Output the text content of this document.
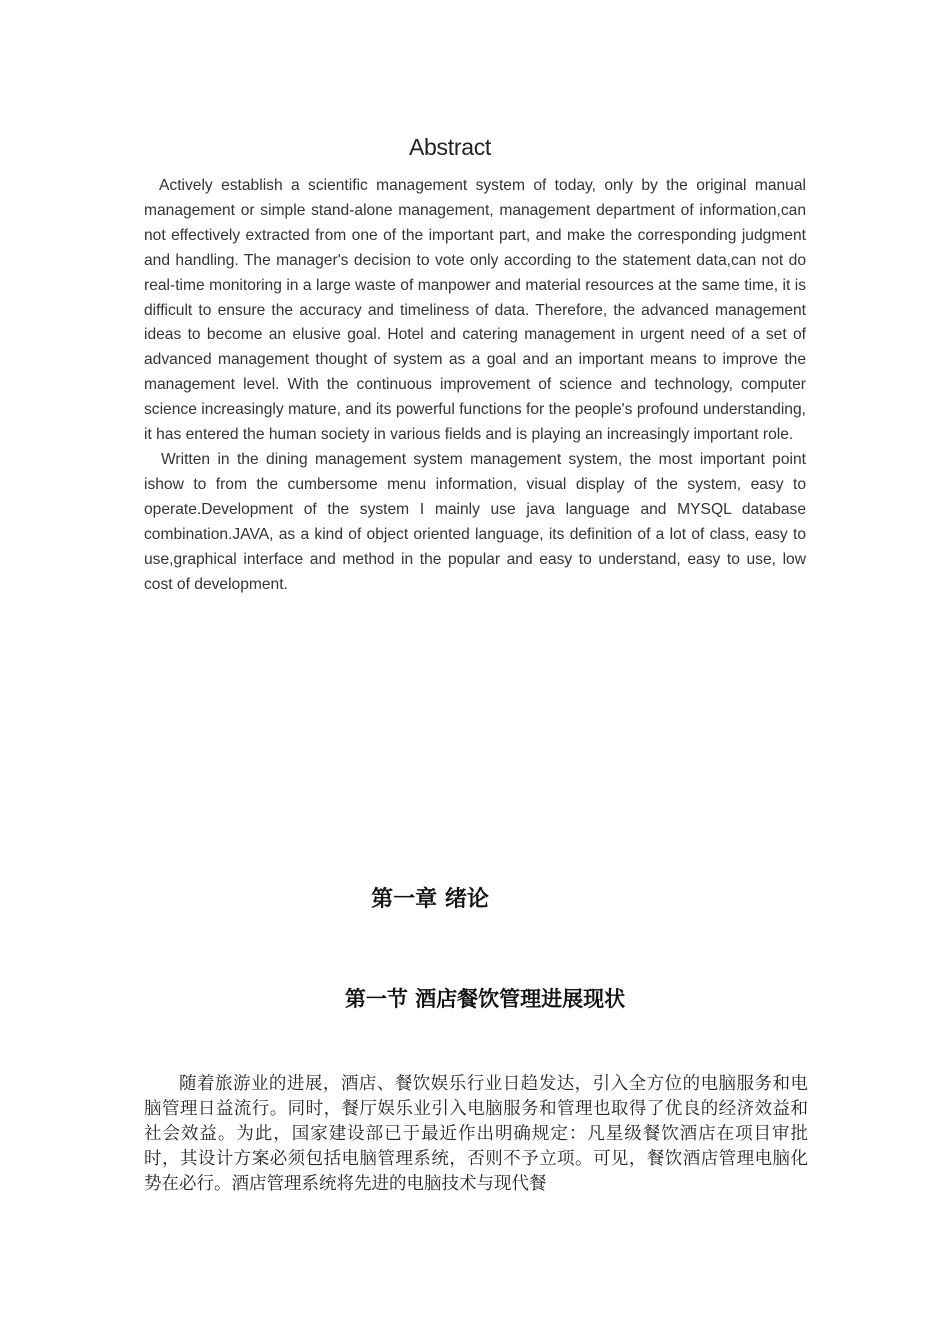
Abstract

Actively establish a scientific management system of today, only by the original manual management or simple stand-alone management, management department of information,can not effectively extracted from one of the important part, and make the corresponding judgment and handling. The manager's decision to vote only according to the statement data,can not do real-time monitoring in a large waste of manpower and material resources at the same time, it is difficult to ensure the accuracy and timeliness of data. Therefore, the advanced management ideas to become an elusive goal. Hotel and catering management in urgent need of a set of advanced management thought of system as a goal and an important means to improve the management level. With the continuous improvement of science and technology, computer science increasingly mature, and its powerful functions for the people's profound understanding, it has entered the human society in various fields and is playing an increasingly important role.

Written in the dining management system management system, the most important point ishow to from the cumbersome menu information, visual display of the system, easy to operate.Development of the system I mainly use java language and MYSQL database combination.JAVA, as a kind of object oriented language, its definition of a lot of class, easy to use,graphical interface and method in the popular and easy to understand, easy to use, low cost of development.

第一章 绪论
第一节 酒店餐饮管理进展现状

随着旅游业的进展，酒店、餐饮娱乐行业日趋发达，引入全方位的电脑服务和电脑管理日益流行。同时，餐厅娱乐业引入电脑服务和管理也取得了优良的经济效益和社会效益。为此，国家建设部已于最近作出明确规定：凡星级餐饮酒店在项目审批时，其设计方案必须包括电脑管理系统，否则不予立项。可见，餐饮酒店管理电脑化势在必行。酒店管理系统将先进的电脑技术与现代餐
